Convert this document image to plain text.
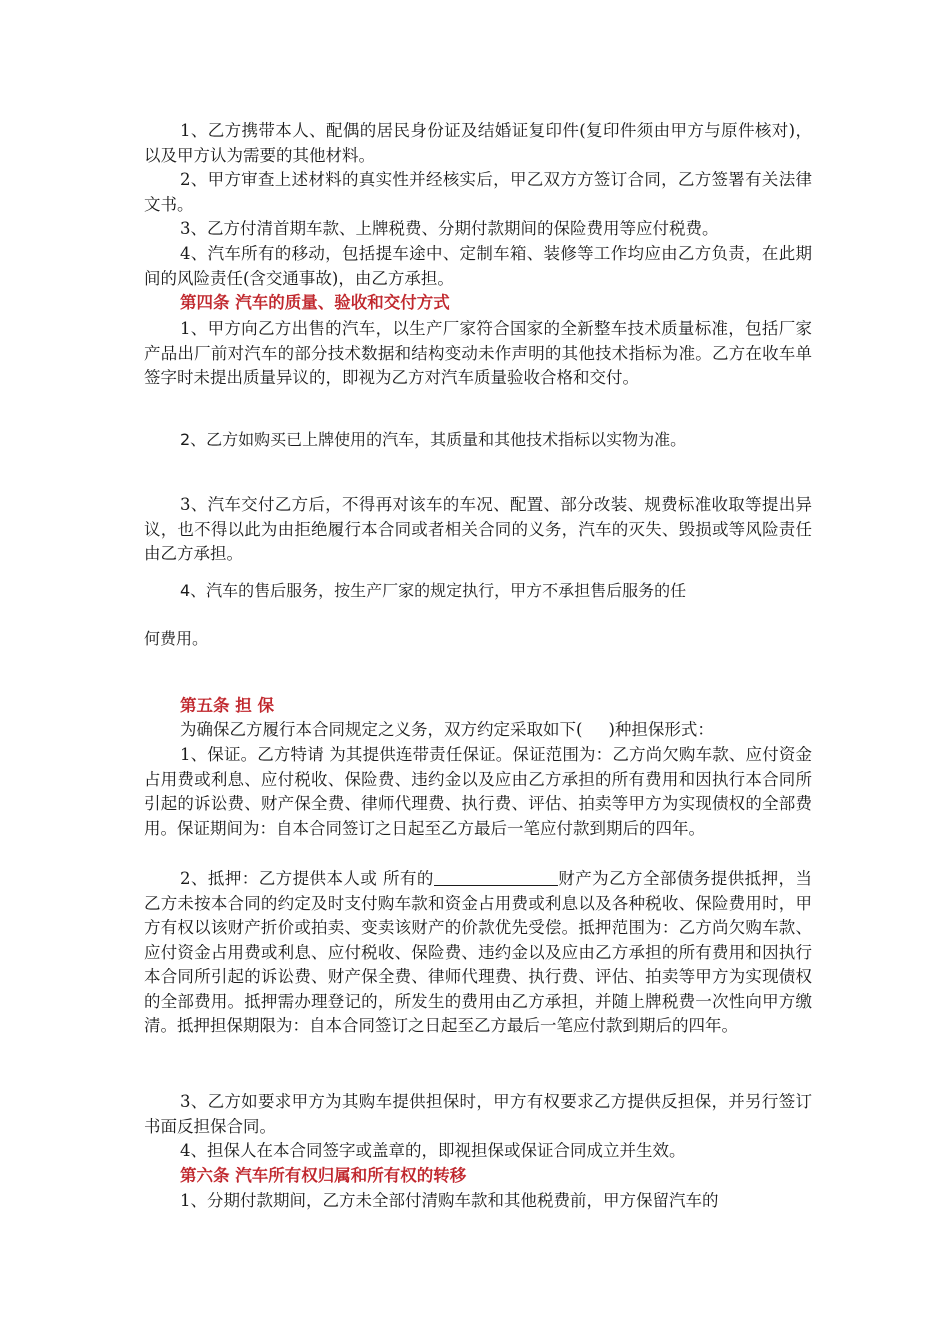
1、乙方携带本人、配偶的居民身份证及结婚证复印件(复印件须由甲方与原件核对)，以及甲方认为需要的其他材料。

2、甲方审查上述材料的真实性并经核实后，甲乙双方方签订合同，乙方签署有关法律文书。

3、乙方付清首期车款、上牌税费、分期付款期间的保险费用等应付税费。

4、汽车所有的移动，包括提车途中、定制车箱、装修等工作均应由乙方负责，在此期间的风险责任(含交通事故)，由乙方承担。

第四条 汽车的质量、验收和交付方式

1、甲方向乙方出售的汽车，以生产厂家符合国家的全新整车技术质量标准，包括厂家产品出厂前对汽车的部分技术数据和结构变动未作声明的其他技术指标为准。乙方在收车单签字时未提出质量异议的，即视为乙方对汽车质量验收合格和交付。

2、乙方如购买已上牌使用的汽车，其质量和其他技术指标以实物为准。

3、汽车交付乙方后，不得再对该车的车况、配置、部分改装、规费标准收取等提出异议，也不得以此为由拒绝履行本合同或者相关合同的义务，汽车的灭失、毁损或等风险责任由乙方承担。

4、汽车的售后服务，按生产厂家的规定执行，甲方不承担售后服务的任

何费用。

第五条 担 保

为确保乙方履行本合同规定之义务，双方约定采取如下( )种担保形式：

1、保证。乙方特请 为其提供连带责任保证。保证范围为：乙方尚欠购车款、应付资金占用费或利息、应付税收、保险费、违约金以及应由乙方承担的所有费用和因执行本合同所引起的诉讼费、财产保全费、律师代理费、执行费、评估、拍卖等甲方为实现债权的全部费用。保证期间为：自本合同签订之日起至乙方最后一笔应付款到期后的四年。

2、抵押：乙方提供本人或 所有的	财产为乙方全部债务提供抵押，当乙方未按本合同的约定及时支付购车款和资金占用费或利息以及各种税收、保险费用时，甲方有权以该财产折价或拍卖、变卖该财产的价款优先受偿。抵押范围为：乙方尚欠购车款、应付资金占用费或利息、应付税收、保险费、违约金以及应由乙方承担的所有费用和因执行本合同所引起的诉讼费、财产保全费、律师代理费、执行费、评估、拍卖等甲方为实现债权的全部费用。抵押需办理登记的，所发生的费用由乙方承担，并随上牌税费一次性向甲方缴清。抵押担保期限为：自本合同签订之日起至乙方最后一笔应付款到期后的四年。

3、乙方如要求甲方为其购车提供担保时，甲方有权要求乙方提供反担保，并另行签订书面反担保合同。

4、担保人在本合同签字或盖章的，即视担保或保证合同成立并生效。

第六条 汽车所有权归属和所有权的转移

1、分期付款期间，乙方未全部付清购车款和其他税费前，甲方保留汽车的
